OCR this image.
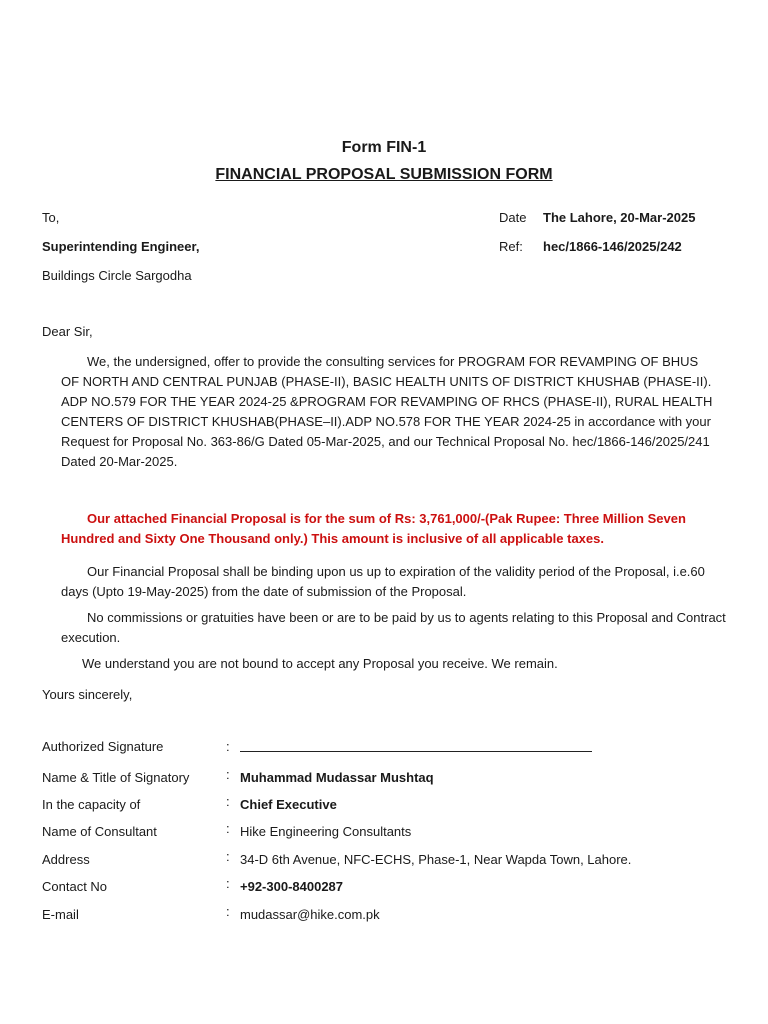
Form FIN-1
FINANCIAL PROPOSAL SUBMISSION FORM
To,
Superintending Engineer,
Buildings Circle Sargodha
Date The Lahore, 20-Mar-2025
Ref: hec/1866-146/2025/242
Dear Sir,
We, the undersigned, offer to provide the consulting services for PROGRAM FOR REVAMPING OF BHUS
OF NORTH AND CENTRAL PUNJAB (PHASE-II), BASIC HEALTH UNITS OF DISTRICT KHUSHAB (PHASE-II). ADP NO.579 FOR THE YEAR 2024-25 &PROGRAM FOR REVAMPING OF RHCS (PHASE-II), RURAL HEALTH CENTERS OF DISTRICT KHUSHAB(PHASE–II).ADP NO.578 FOR THE YEAR 2024-25 in accordance with your Request for Proposal No. 363-86/G Dated 05-Mar-2025, and our Technical Proposal No. hec/1866-146/2025/241 Dated 20-Mar-2025.
Our attached Financial Proposal is for the sum of Rs: 3,761,000/-(Pak Rupee: Three Million Seven Hundred and Sixty One Thousand only.) This amount is inclusive of all applicable taxes.
Our Financial Proposal shall be binding upon us up to expiration of the validity period of the Proposal, i.e.60 days (Upto 19-May-2025) from the date of submission of the Proposal.
No commissions or gratuities have been or are to be paid by us to agents relating to this Proposal and Contract execution.
We understand you are not bound to accept any Proposal you receive. We remain.
Yours sincerely,
Authorized Signature	:
Name & Title of Signatory	: Muhammad Mudassar Mushtaq
In the capacity of	: Chief Executive
Name of Consultant	: Hike Engineering Consultants
Address	: 34-D 6th Avenue, NFC-ECHS, Phase-1, Near Wapda Town, Lahore.
Contact No	: +92-300-8400287
E-mail	: mudassar@hike.com.pk
